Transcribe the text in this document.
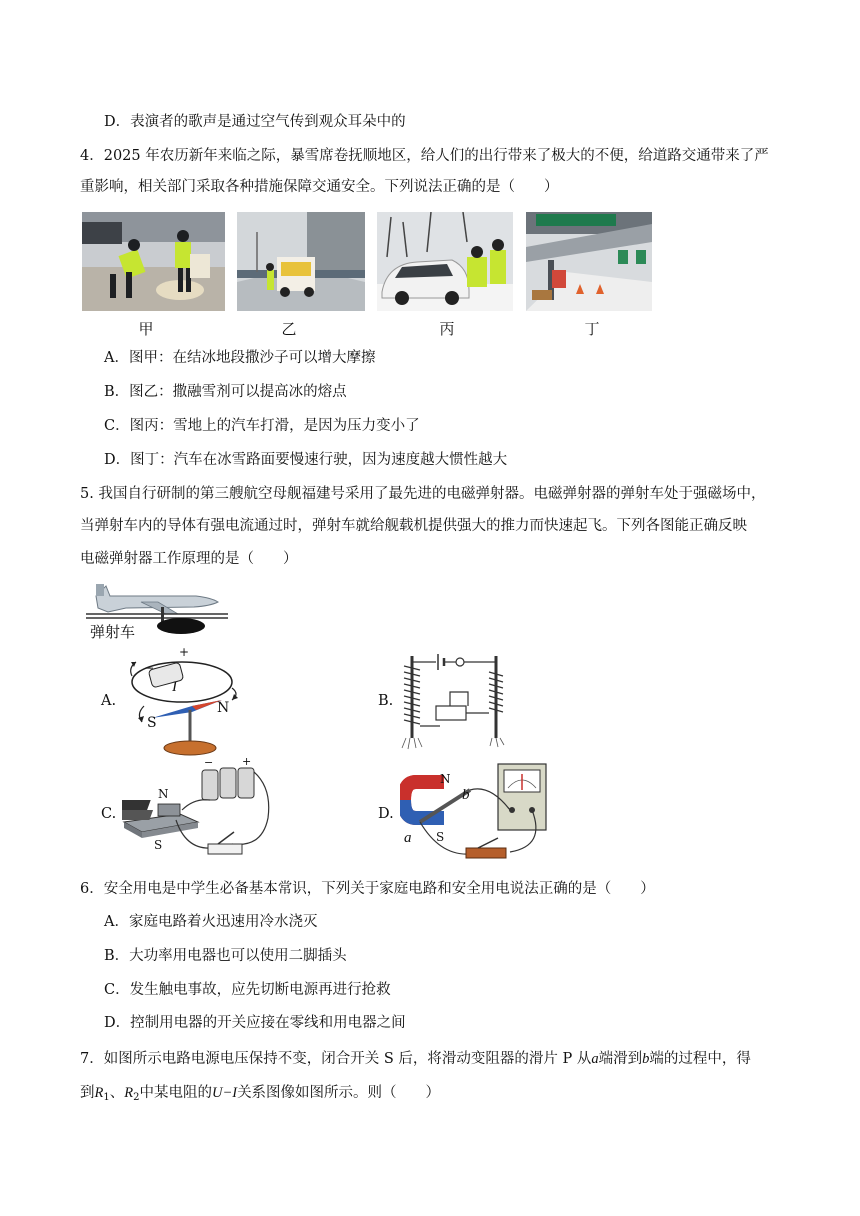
D．表演者的歌声是通过空气传到观众耳朵中的
4．2025 年农历新年来临之际，暴雪席卷抚顺地区，给人们的出行带来了极大的不便，给道路交通带来了严
重影响，相关部门采取各种措施保障交通安全。下列说法正确的是（　　）
甲	乙	丙	丁
A．图甲：在结冰地段撒沙子可以增大摩擦
B．图乙：撒融雪剂可以提高冰的熔点
C．图丙：雪地上的汽车打滑，是因为压力变小了
D．图丁：汽车在冰雪路面要慢速行驶，因为速度越大惯性越大
5. 我国自行研制的第三艘航空母舰福建号采用了最先进的电磁弹射器。电磁弹射器的弹射车处于强磁场中，
当弹射车内的导体有强电流通过时，弹射车就给舰载机提供强大的推力而快速起飞。下列各图能正确反映
电磁弹射器工作原理的是（　　）
弹射车
A.	B.
C.	D.
+
−
I
S
N
N
S
−	+
N
S
a
b
6．安全用电是中学生必备基本常识，下列关于家庭电路和安全用电说法正确的是（　　）
A．家庭电路着火迅速用冷水浇灭
B．大功率用电器也可以使用二脚插头
C．发生触电事故，应先切断电源再进行抢救
D．控制用电器的开关应接在零线和用电器之间
7．如图所示电路电源电压保持不变，闭合开关 S 后，将滑动变阻器的滑片 P 从a端滑到b端的过程中，得
到$R_1$、$R_2$中某电阻的U−I关系图像如图所示。则（　　）
